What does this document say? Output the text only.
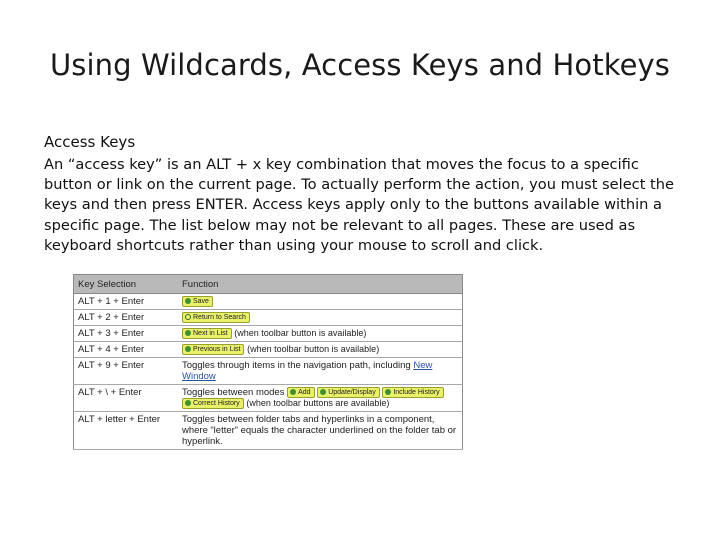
Using Wildcards, Access Keys and Hotkeys
Access Keys
An “access key” is an ALT + x key combination that moves the focus to a specific button or link on the current page. To actually perform the action, you must select the keys and then press ENTER. Access keys apply only to the buttons available within a specific page. The list below may not be relevant to all pages. These are used as keyboard shortcuts rather than using your mouse to scroll and click.
Key Selection	Function
ALT + 1 + Enter	Save
ALT + 2 + Enter	Return to Search
ALT + 3 + Enter	Next in List (when toolbar button is available)
ALT + 4 + Enter	Previous in List (when toolbar button is available)
ALT + 9 + Enter	Toggles through items in the navigation path, including New Window
ALT + \ + Enter	Toggles between modes Add Update/Display Include History
Correct History (when toolbar buttons are available)
ALT + letter + Enter	Toggles between folder tabs and hyperlinks in a component, where “letter” equals the character underlined on the folder tab or hyperlink.
